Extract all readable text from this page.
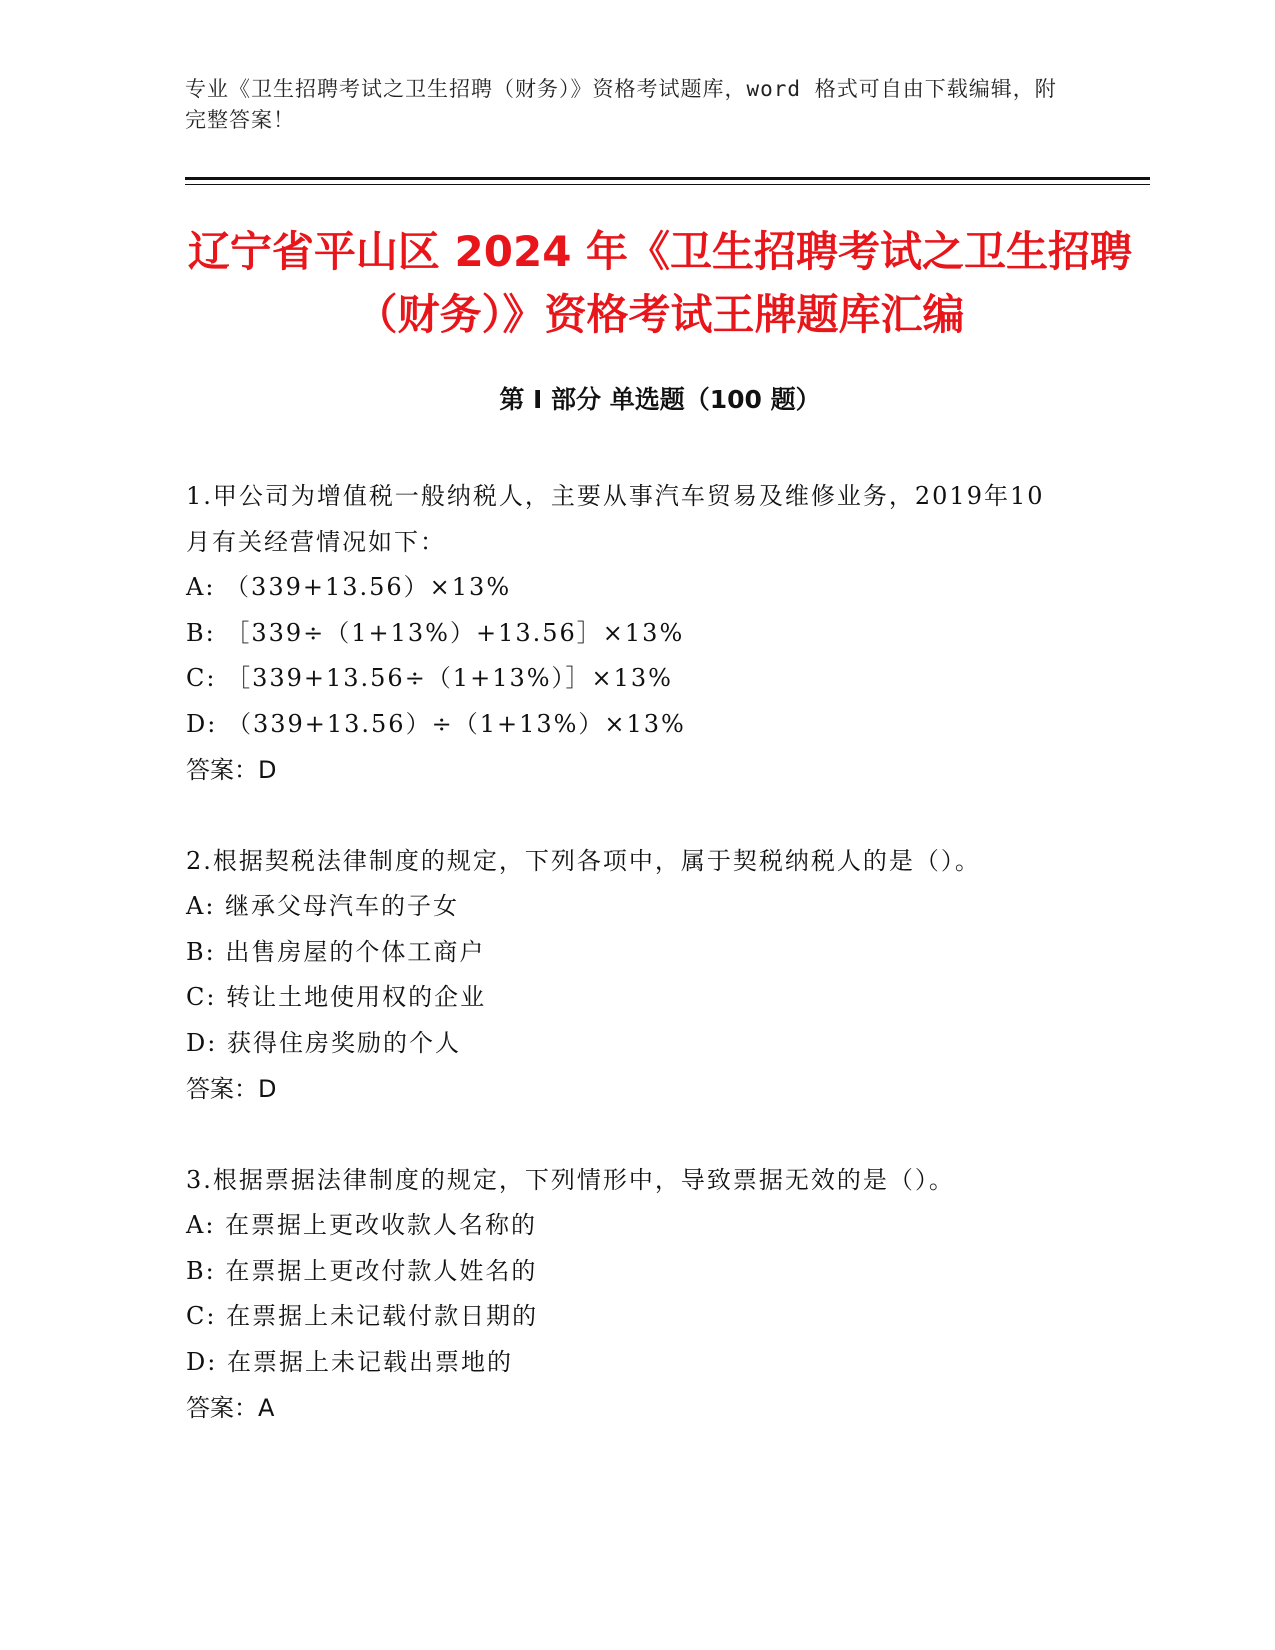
专业《卫生招聘考试之卫生招聘（财务）》资格考试题库，word 格式可自由下载编辑，附完整答案！
辽宁省平山区 2024 年《卫生招聘考试之卫生招聘（财务）》资格考试王牌题库汇编
第 I 部分 单选题（100 题）

1.甲公司为增值税一般纳税人，主要从事汽车贸易及维修业务，2019年10月有关经营情况如下：

A: （339+13.56）×13%

B: ［339÷（1+13%）+13.56］×13%

C: ［339+13.56÷（1+13%）］×13%

D: （339+13.56）÷（1+13%）×13%

答案：D

2.根据契税法律制度的规定，下列各项中，属于契税纳税人的是（）。

A: 继承父母汽车的子女

B: 出售房屋的个体工商户

C: 转让土地使用权的企业

D: 获得住房奖励的个人

答案：D

3.根据票据法律制度的规定，下列情形中，导致票据无效的是（）。

A: 在票据上更改收款人名称的

B: 在票据上更改付款人姓名的

C: 在票据上未记载付款日期的

D: 在票据上未记载出票地的

答案：A
